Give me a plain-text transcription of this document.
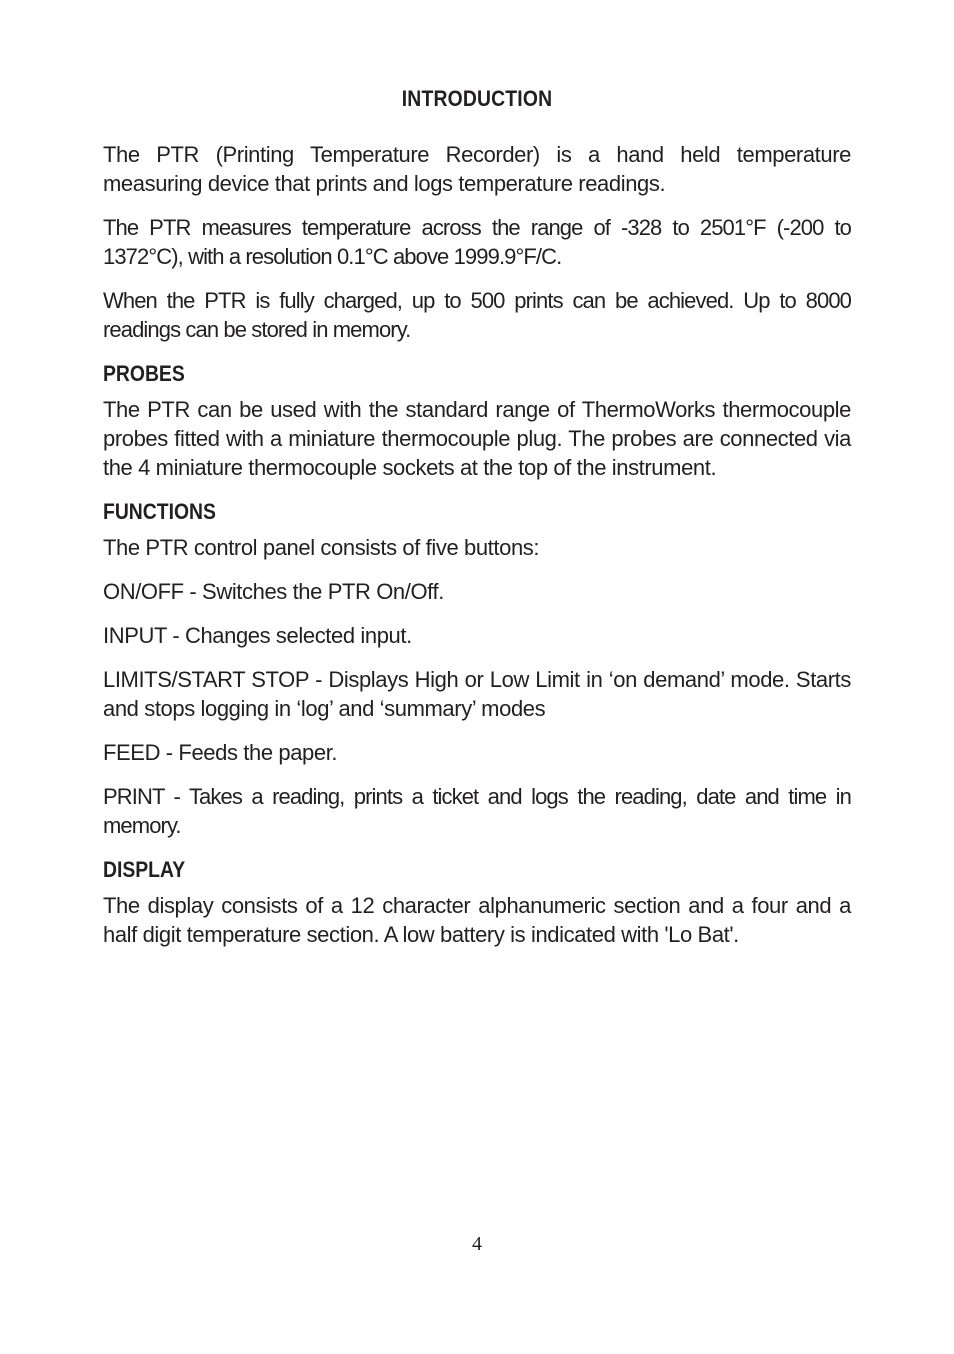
INTRODUCTION

The PTR (Printing Temperature Recorder) is a hand held temperature measuring device that prints and logs temperature readings.

The PTR measures temperature across the range of -328 to 2501°F (-200 to 1372°C), with a resolution 0.1°C above 1999.9°F/C.

When the PTR is fully charged, up to 500 prints can be achieved. Up to 8000 readings can be stored in memory.

PROBES

The PTR can be used with the standard range of ThermoWorks thermocouple probes fitted with a miniature thermocouple plug. The probes are connected via the 4 miniature thermocouple sockets at the top of the instrument.

FUNCTIONS

The PTR control panel consists of five buttons:

ON/OFF - Switches the PTR On/Off.

INPUT - Changes selected input.

LIMITS/START STOP - Displays High or Low Limit in ‘on demand’ mode. Starts and stops logging in ‘log’ and ‘summary’ modes

FEED - Feeds the paper.

PRINT - Takes a reading, prints a ticket and logs the reading, date and time in memory.

DISPLAY

The display consists of a 12 character alphanumeric section and a four and a half digit temperature section. A low battery is indicated with 'Lo Bat'.

4
